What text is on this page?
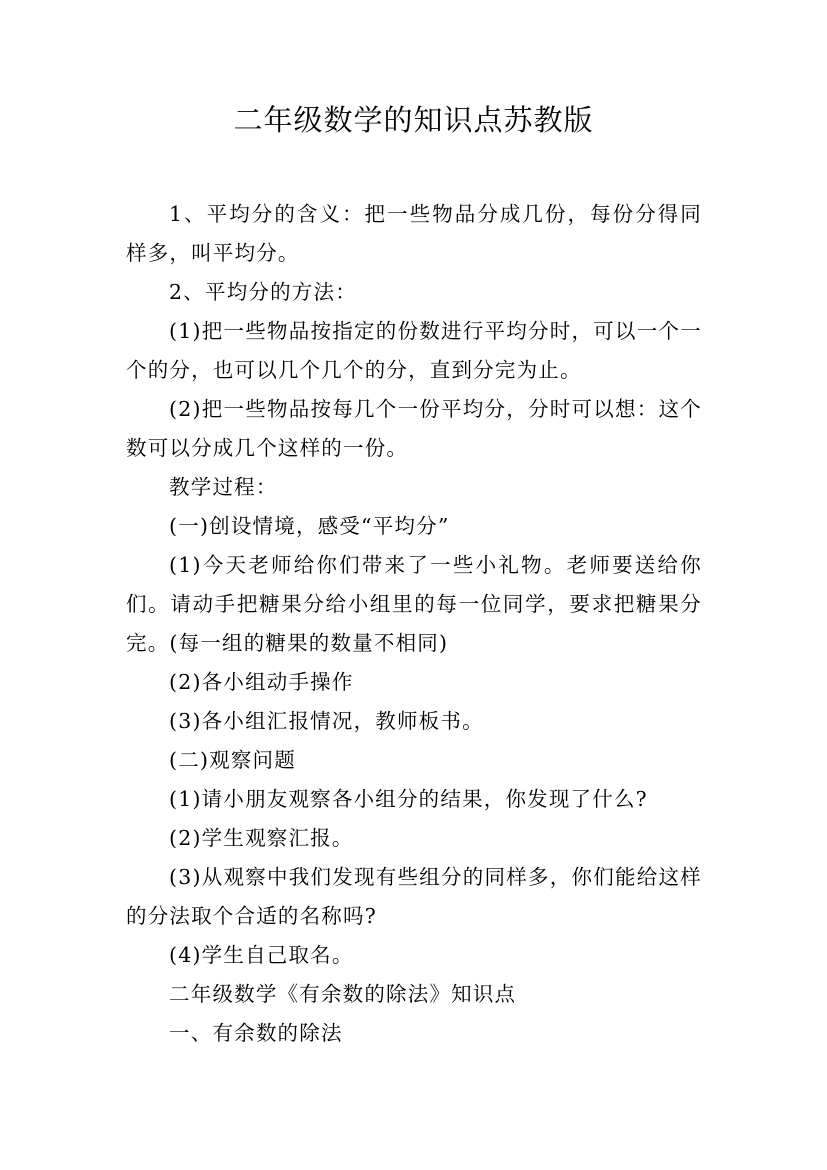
二年级数学的知识点苏教版

1、平均分的含义：把一些物品分成几份，每份分得同样多，叫平均分。

2、平均分的方法：

(1)把一些物品按指定的份数进行平均分时，可以一个一个的分，也可以几个几个的分，直到分完为止。

(2)把一些物品按每几个一份平均分，分时可以想：这个数可以分成几个这样的一份。

教学过程：

(一)创设情境，感受“平均分”

(1)今天老师给你们带来了一些小礼物。老师要送给你们。请动手把糖果分给小组里的每一位同学，要求把糖果分完。(每一组的糖果的数量不相同)

(2)各小组动手操作

(3)各小组汇报情况，教师板书。

(二)观察问题

(1)请小朋友观察各小组分的结果，你发现了什么?

(2)学生观察汇报。

(3)从观察中我们发现有些组分的同样多，你们能给这样的分法取个合适的名称吗?

(4)学生自己取名。

二年级数学《有余数的除法》知识点

一、有余数的除法
